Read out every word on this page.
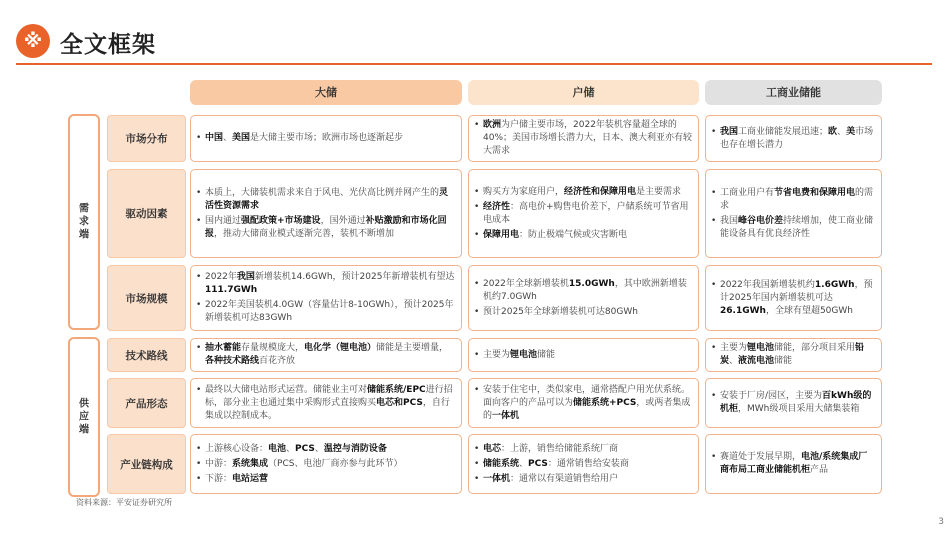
※ 全文框架
大储	户储	工商业储能
需
求
端
供
应
端
市场分布
•	中国、美国是大储主要市场；欧洲市场也逐渐起步
• 欧洲为户储主要市场，2022年装机容量超全球的40%；美国市场增长潜力大，日本、澳大利亚亦有较大需求
• 我国工商业储能发展迅速；欧、美市场也存在增长潜力
驱动因素
• 本质上，大储装机需求来自于风电、光伏高比例并网产生的灵活性资源需求
• 国内通过强配政策+市场建设，国外通过补贴激励和市场化回报，推动大储商业模式逐渐完善，装机不断增加
• 购买方为家庭用户，经济性和保障用电是主要需求
• 经济性：高电价+购售电价差下，户储系统可节省用电成本
• 保障用电：防止极端气候或灾害断电
• 工商业用户有节省电费和保障用电的需求
• 我国峰谷电价差持续增加，使工商业储能设备具有优良经济性
市场规模
• 2022年我国新增装机14.6GWh，预计2025年新增装机有望达111.7GWh
• 2022年美国装机4.0GW（容量估计8-10GWh），预计2025年新增装机可达83GWh
• 2022年全球新增装机15.0GWh，其中欧洲新增装机约7.0GWh
• 预计2025年全球新增装机可达80GWh
• 2022年我国新增装机约1.6GWh，预计2025年国内新增装机可达26.1GWh，全球有望超50GWh
技术路线
• 抽水蓄能存量规模庞大，电化学（锂电池）储能是主要增量，各种技术路线百花齐放
• 主要为锂电池储能
• 主要为锂电池储能，部分项目采用铅炭、液流电池储能
产品形态
• 最终以大储电站形式运营。储能业主可对储能系统/EPC进行招标，部分业主也通过集中采购形式直接购买电芯和PCS，自行集成以控制成本。
• 安装于住宅中，类似家电，通常搭配户用光伏系统。面向客户的产品可以为储能系统+PCS，或两者集成的一体机
• 安装于厂房/园区，主要为百kWh级的机柜，MWh级项目采用大储集装箱
产业链构成
• 上游核心设备：电池、PCS、温控与消防设备
• 中游：系统集成（PCS、电池厂商亦参与此环节）
• 下游：电站运营
• 电芯：上游，销售给储能系统厂商
• 储能系统、PCS：通常销售给安装商
• 一体机：通常以有渠道销售给用户
• 赛道处于发展早期，电池/系统集成厂商布局工商业储能机柜产品
资料来源：平安证券研究所
3
